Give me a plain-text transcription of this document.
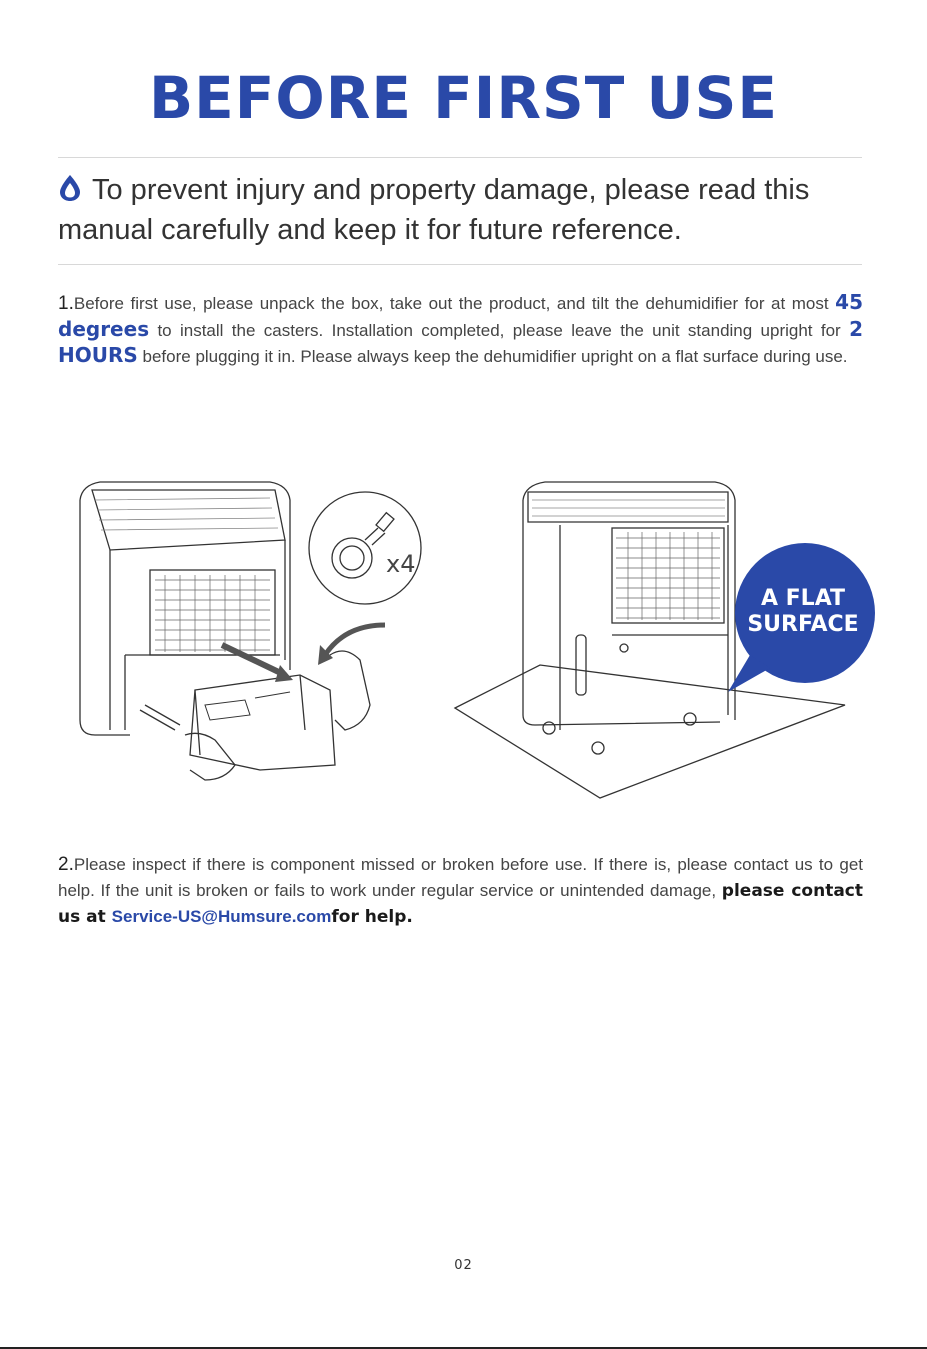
BEFORE FIRST USE

To prevent injury and property damage, please read this manual carefully and keep it for future reference.

1.Before first use, please unpack the box, take out the product, and tilt the dehumidifier for at most 45 degrees to install the casters. Installation completed, please leave the unit standing upright for 2 HOURS before plugging it in. Please always keep the dehumidifier upright on a flat surface during use.

x4
A FLAT
SURFACE

2.Please inspect if there is component missed or broken before use. If there is, please contact us to get help. If the unit is broken or fails to work under regular service or unintended damage, please contact us at Service-US@Humsure.comfor help.

02
